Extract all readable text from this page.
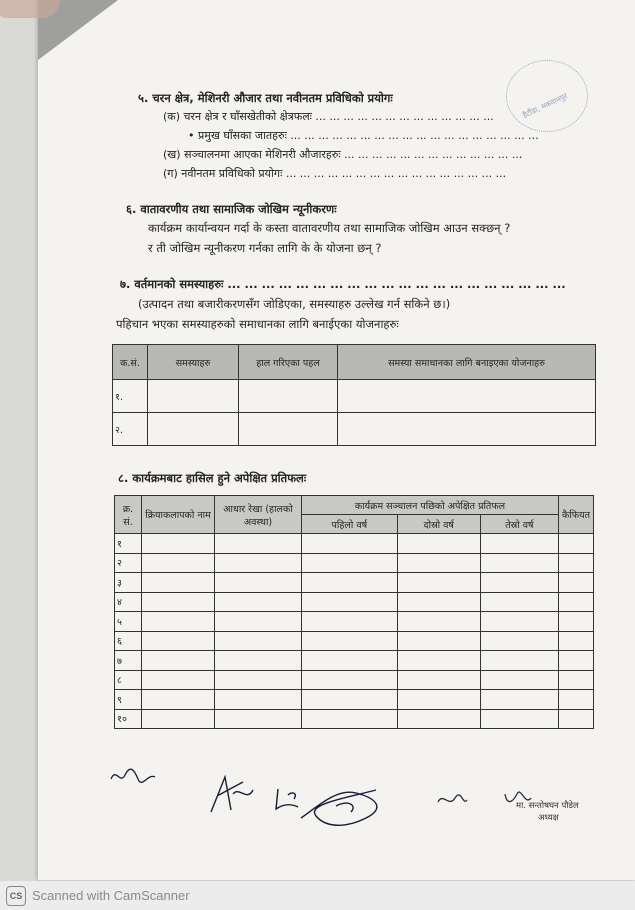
हैटौंडा, मकवानपुर
५. चरन क्षेत्र, मेशिनरी औजार तथा नवीनतम प्रविधिको प्रयोगः
(क) चरन क्षेत्र र घाँसखेतीको क्षेत्रफलः ... ... ... ... ... ... ... ... ... ... ... ... ...
• प्रमुख घाँसका जातहरुः ... ... ... ... ... ... ... ... ... ... ... ... ... ... ... ... ... ...
(ख) सञ्चालनमा आएका मेशिनरी औजारहरुः ... ... ... ... ... ... ... ... ... ... ... ... ...
(ग) नवीनतम प्रविधिको प्रयोगः ... ... ... ... ... ... ... ... ... ... ... ... ... ... ... ...
६. वातावरणीय तथा सामाजिक जोखिम न्यूनीकरणः
कार्यक्रम कार्यान्वयन गर्दा के कस्ता वातावरणीय तथा सामाजिक जोखिम आउन सक्छन् ?
र ती जोखिम न्यूनीकरण गर्नका लागि के के योजना छन् ?
७. वर्तमानको समस्याहरुः ... ... ... ... ... ... ... ... ... ... ... ... ... ... ... ... ... ... ... ...
(उत्पादन तथा बजारीकरणसँग जोडिएका, समस्याहरु उल्लेख गर्न सकिने छ।)
पहिचान भएका समस्याहरुको समाधानका लागि बनाईएका योजनाहरुः
क.सं.	समस्याहरु	हाल गरिएका पहल	समस्या समाधानका लागि बनाइएका योजनाहरु
१.			
२.			
८. कार्यक्रमबाट हासिल हुने अपेक्षित प्रतिफलः
क्र. सं.	क्रियाकलापको नाम	आधार रेखा (हालको अवस्था)	कार्यक्रम सञ्चालन पछिको अपेक्षित प्रतिफल			कैफियत
			पहिलो वर्ष	दोस्रो वर्ष	तेस्रो वर्ष	
१						
२						
३						
४						
५						
६						
७						
८						
९						
१०						
मा. सन्तोषघन पौडेल
अध्यक्ष
CS Scanned with CamScanner
